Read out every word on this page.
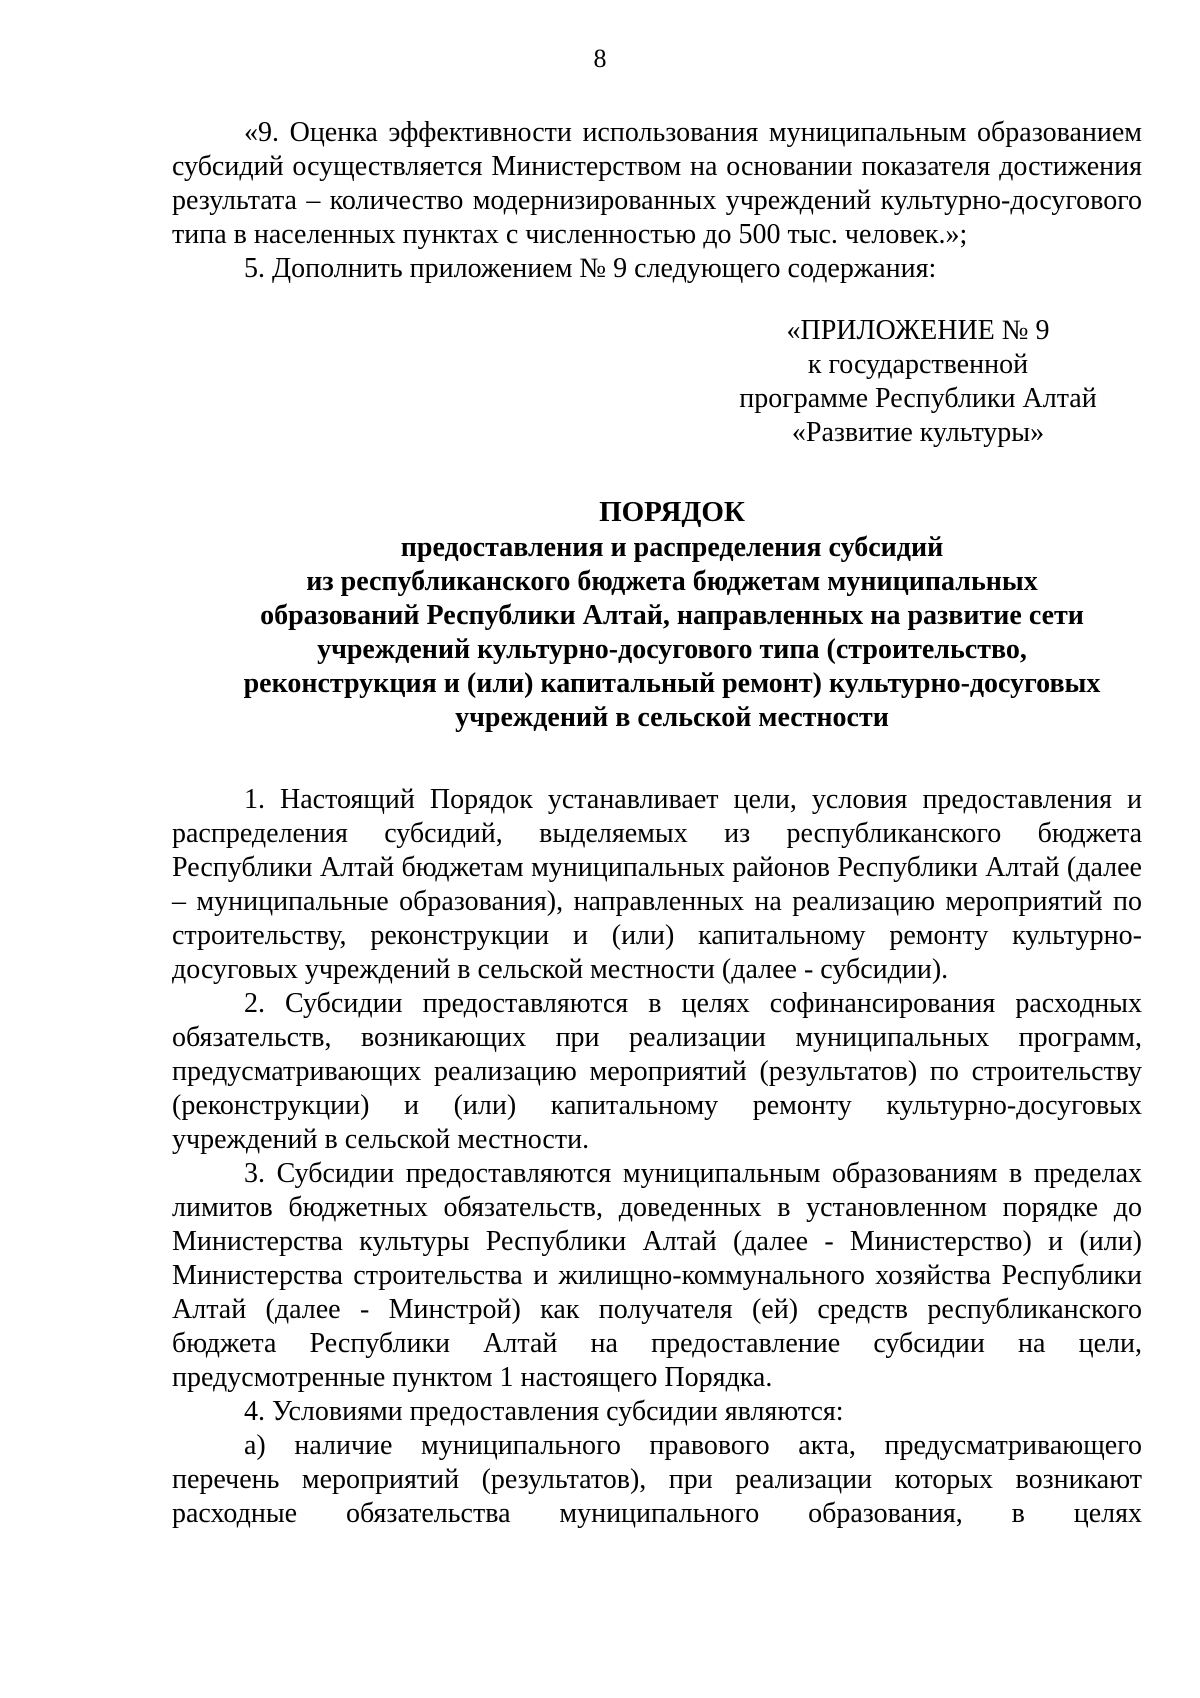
8

«9. Оценка эффективности использования муниципальным образованием субсидий осуществляется Министерством на основании показателя достижения результата – количество модернизированных учреждений культурно-досугового типа в населенных пунктах с численностью до 500 тыс. человек.»;

5. Дополнить приложением № 9 следующего содержания:

«ПРИЛОЖЕНИЕ № 9
к государственной
программе Республики Алтай
«Развитие культуры»
ПОРЯДОК
предоставления и распределения субсидий
из республиканского бюджета бюджетам муниципальных
образований Республики Алтай, направленных на развитие сети
учреждений культурно-досугового типа (строительство,
реконструкция и (или) капитальный ремонт) культурно-досуговых
учреждений в сельской местности

1. Настоящий Порядок устанавливает цели, условия предоставления и распределения субсидий, выделяемых из республиканского бюджета Республики Алтай бюджетам муниципальных районов Республики Алтай (далее – муниципальные образования), направленных на реализацию мероприятий по строительству, реконструкции и (или) капитальному ремонту культурно-досуговых учреждений в сельской местности (далее - субсидии).

2. Субсидии предоставляются в целях софинансирования расходных обязательств, возникающих при реализации муниципальных программ, предусматривающих реализацию мероприятий (результатов) по строительству (реконструкции) и (или) капитальному ремонту культурно-досуговых учреждений в сельской местности.

3. Субсидии предоставляются муниципальным образованиям в пределах лимитов бюджетных обязательств, доведенных в установленном порядке до Министерства культуры Республики Алтай (далее - Министерство) и (или) Министерства строительства и жилищно-коммунального хозяйства Республики Алтай (далее - Минстрой) как получателя (ей) средств республиканского бюджета Республики Алтай на предоставление субсидии на цели, предусмотренные пунктом 1 настоящего Порядка.

4. Условиями предоставления субсидии являются:

а) наличие муниципального правового акта, предусматривающего перечень мероприятий (результатов), при реализации которых возникают расходные обязательства муниципального образования, в целях
